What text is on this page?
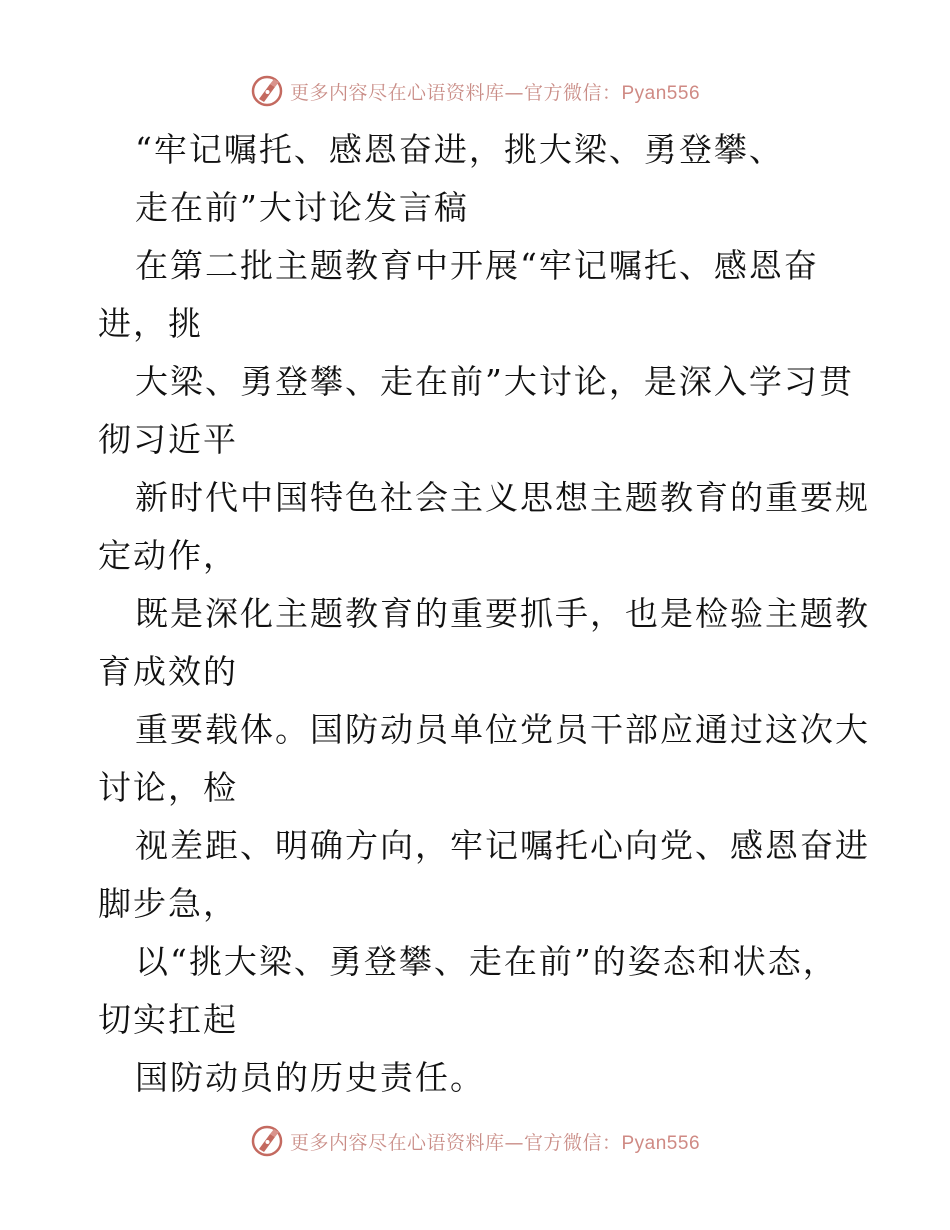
更多内容尽在心语资料库—官方微信：Pyan556
“牢记嘱托、感恩奋进，挑大梁、勇登攀、
走在前”大讨论发言稿
在第二批主题教育中开展“牢记嘱托、感恩奋
进，挑
大梁、勇登攀、走在前”大讨论，是深入学习贯
彻习近平
新时代中国特色社会主义思想主题教育的重要规
定动作，
既是深化主题教育的重要抓手，也是检验主题教
育成效的
重要载体。国防动员单位党员干部应通过这次大
讨论，检
视差距、明确方向，牢记嘱托心向党、感恩奋进
脚步急，
以“挑大梁、勇登攀、走在前”的姿态和状态，
切实扛起
国防动员的历史责任。
更多内容尽在心语资料库—官方微信：Pyan556
